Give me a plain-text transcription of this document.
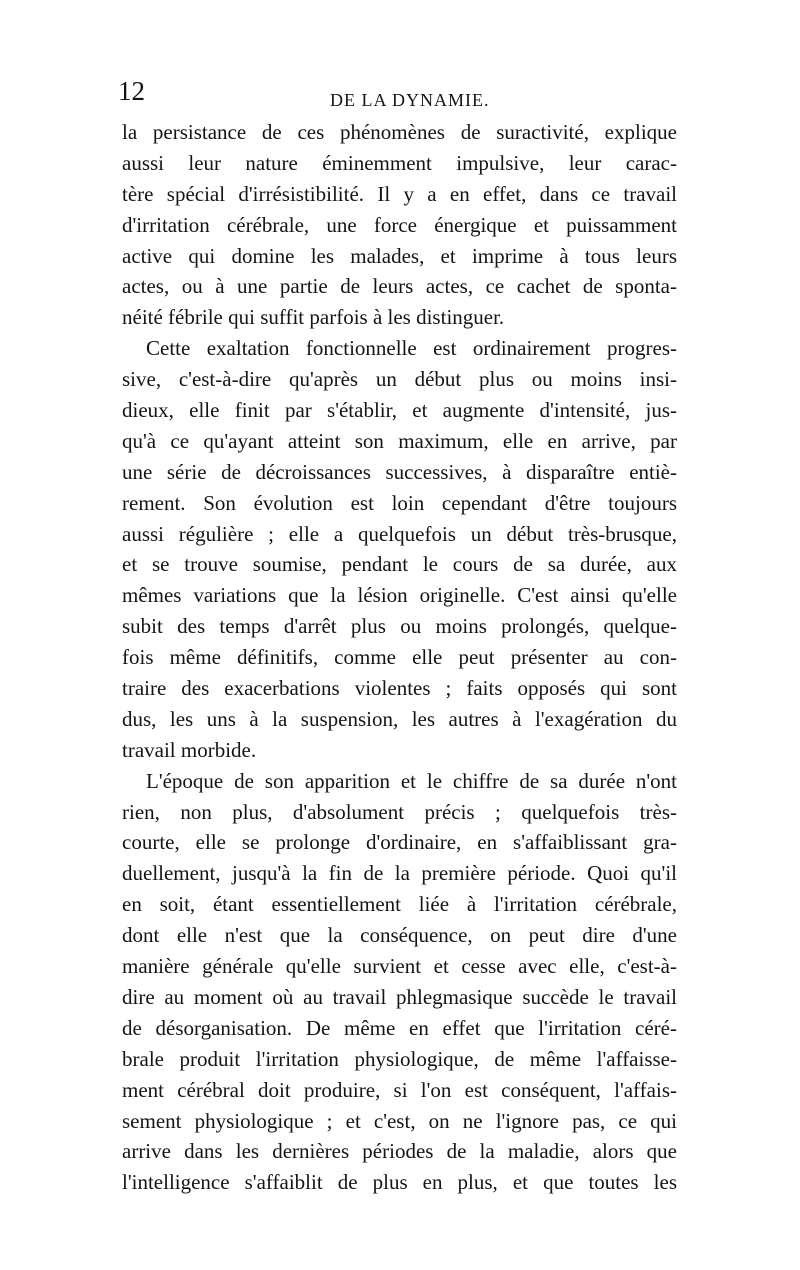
12	DE LA DYNAMIE.
la persistance de ces phénomènes de suractivité, explique
aussi leur nature éminemment impulsive, leur carac-
tère spécial d'irrésistibilité. Il y a en effet, dans ce travail
d'irritation cérébrale, une force énergique et puissamment
active qui domine les malades, et imprime à tous leurs
actes, ou à une partie de leurs actes, ce cachet de sponta-
néité fébrile qui suffit parfois à les distinguer.
Cette exaltation fonctionnelle est ordinairement progres-
sive, c'est-à-dire qu'après un début plus ou moins insi-
dieux, elle finit par s'établir, et augmente d'intensité, jus-
qu'à ce qu'ayant atteint son maximum, elle en arrive, par
une série de décroissances successives, à disparaître entiè-
rement. Son évolution est loin cependant d'être toujours
aussi régulière ; elle a quelquefois un début très-brusque,
et se trouve soumise, pendant le cours de sa durée, aux
mêmes variations que la lésion originelle. C'est ainsi qu'elle
subit des temps d'arrêt plus ou moins prolongés, quelque-
fois même définitifs, comme elle peut présenter au con-
traire des exacerbations violentes ; faits opposés qui sont
dus, les uns à la suspension, les autres à l'exagération du
travail morbide.
L'époque de son apparition et le chiffre de sa durée n'ont
rien, non plus, d'absolument précis ; quelquefois très-
courte, elle se prolonge d'ordinaire, en s'affaiblissant gra-
duellement, jusqu'à la fin de la première période. Quoi qu'il
en soit, étant essentiellement liée à l'irritation cérébrale,
dont elle n'est que la conséquence, on peut dire d'une
manière générale qu'elle survient et cesse avec elle, c'est-à-
dire au moment où au travail phlegmasique succède le travail
de désorganisation. De même en effet que l'irritation céré-
brale produit l'irritation physiologique, de même l'affaisse-
ment cérébral doit produire, si l'on est conséquent, l'affais-
sement physiologique ; et c'est, on ne l'ignore pas, ce qui
arrive dans les dernières périodes de la maladie, alors que
l'intelligence s'affaiblit de plus en plus, et que toutes les
